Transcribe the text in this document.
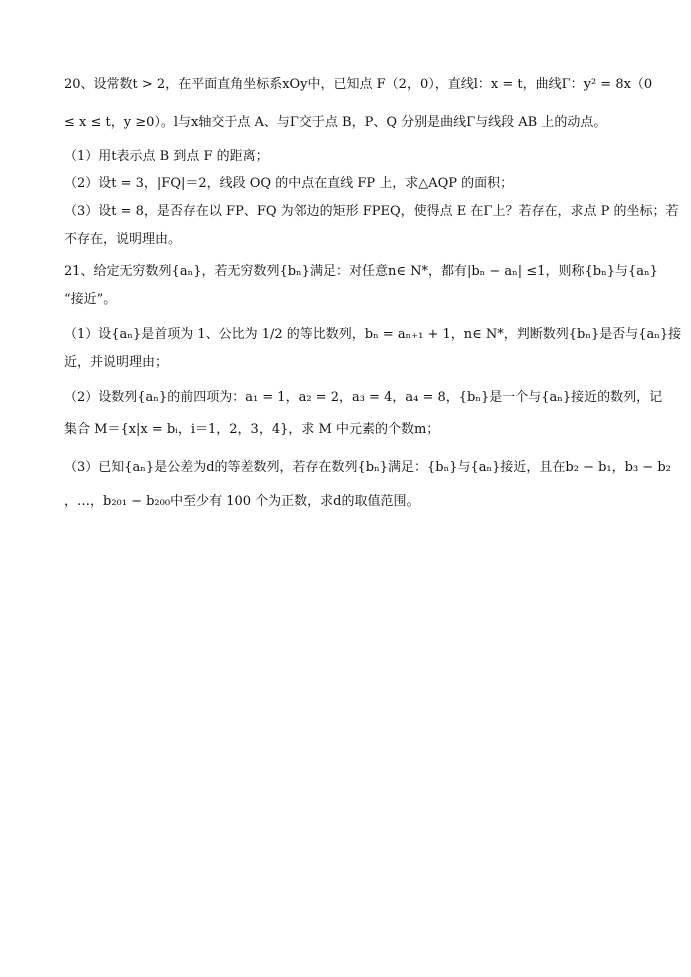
20、设常数t > 2，在平面直角坐标系xOy中，已知点 F（2，0），直线l：x = t，曲线Γ：y² = 8x（0
≤ x ≤ t，y ≥0）。l与x轴交于点 A、与Γ交于点 B，P、Q 分别是曲线Γ与线段 AB 上的动点。
（1）用t表示点 B 到点 F 的距离；
（2）设t = 3，|FQ|＝2，线段 OQ 的中点在直线 FP 上，求△AQP 的面积；
（3）设t = 8，是否存在以 FP、FQ 为邻边的矩形 FPEQ，使得点 E 在Γ上？若存在，求点 P 的坐标；若
不存在，说明理由。
21、给定无穷数列{aₙ}，若无穷数列{bₙ}满足：对任意n∈ N*，都有|bₙ − aₙ| ≤1，则称{bₙ}与{aₙ}
“接近”。
（1）设{aₙ}是首项为 1、公比为 1/2 的等比数列，bₙ = aₙ₊₁ + 1，n∈ N*，判断数列{bₙ}是否与{aₙ}接
近，并说明理由；
（2）设数列{aₙ}的前四项为：a₁ = 1，a₂ = 2，a₃ = 4，a₄ = 8，{bₙ}是一个与{aₙ}接近的数列，记
集合 M＝{x|x = bᵢ，i＝1，2，3，4}，求 M 中元素的个数m；
（3）已知{aₙ}是公差为d的等差数列，若存在数列{bₙ}满足：{bₙ}与{aₙ}接近，且在b₂ − b₁，b₃ − b₂
，…，b₂₀₁ − b₂₀₀中至少有 100 个为正数，求d的取值范围。
